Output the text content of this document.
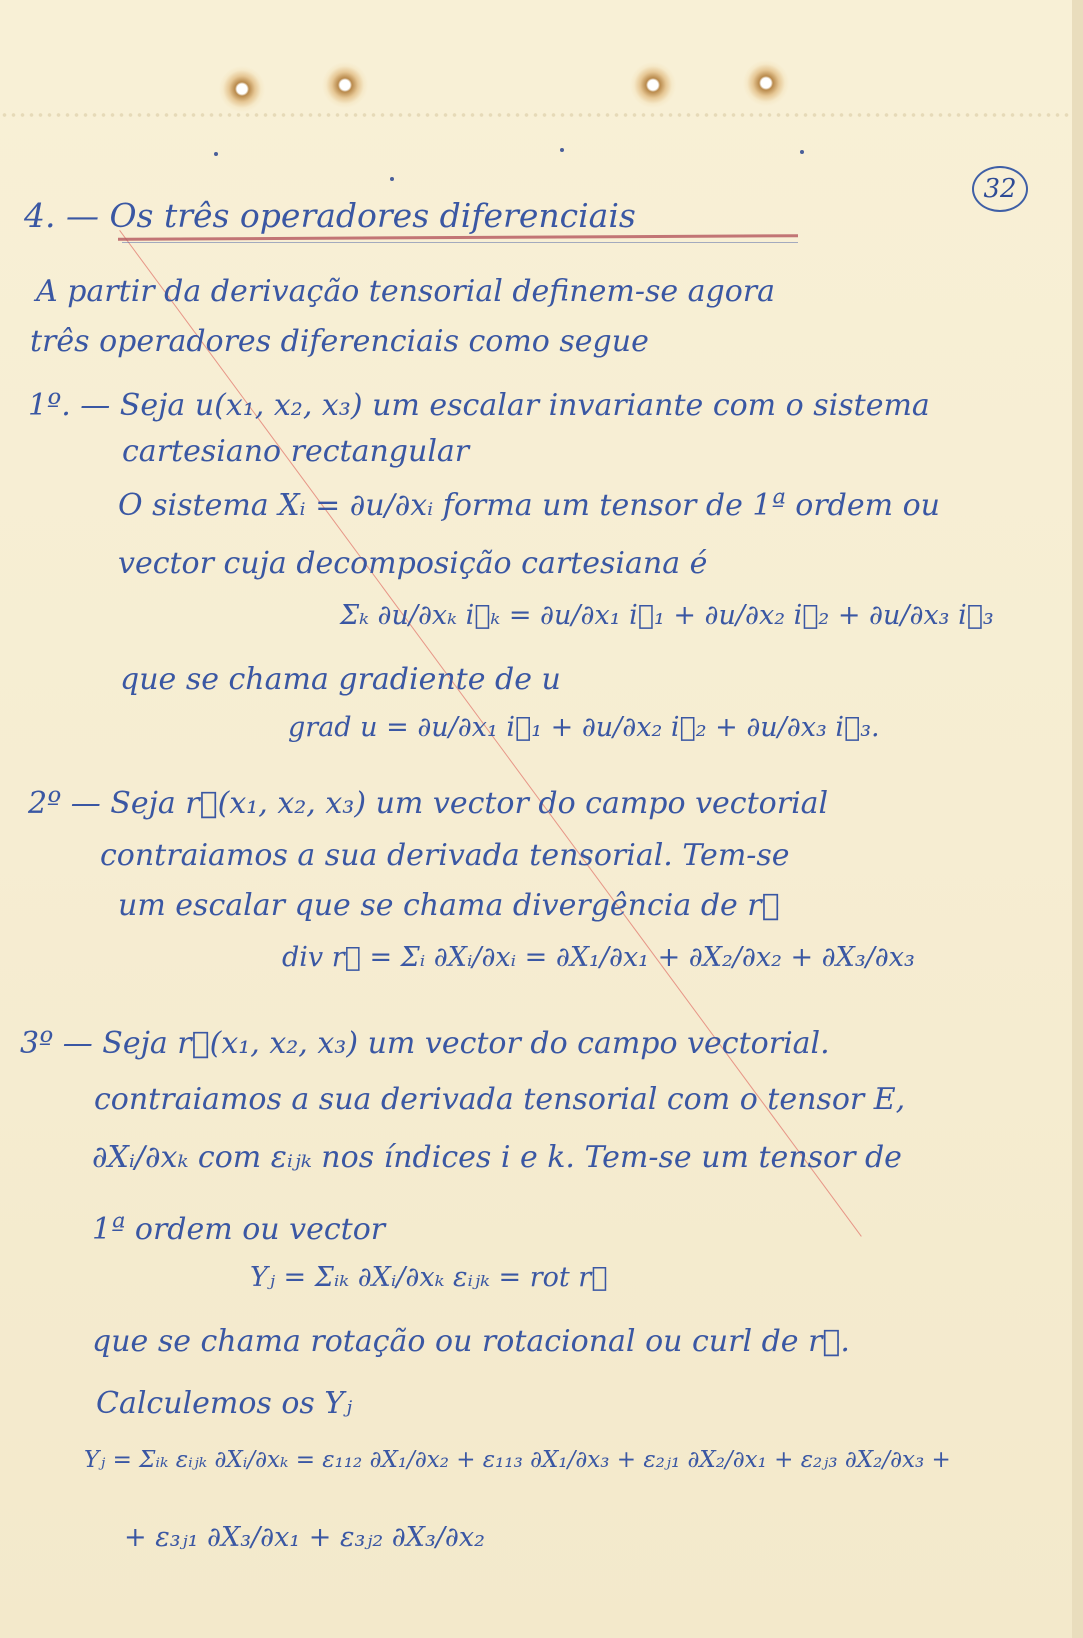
32
4. — Os três operadores diferenciais
A partir da derivação tensorial definem-se agora
três operadores diferenciais como segue
1º. — Seja u(x₁, x₂, x₃) um escalar invariante com o sistema
cartesiano rectangular
O sistema Xᵢ = ∂u/∂xᵢ forma um tensor de 1ª ordem ou
vector cuja decomposição cartesiana é
Σₖ ∂u/∂xₖ i⃗ₖ = ∂u/∂x₁ i⃗₁ + ∂u/∂x₂ i⃗₂ + ∂u/∂x₃ i⃗₃
que se chama gradiente de u
grad u = ∂u/∂x₁ i⃗₁ + ∂u/∂x₂ i⃗₂ + ∂u/∂x₃ i⃗₃.
2º — Seja r⃗(x₁, x₂, x₃) um vector do campo vectorial
contraiamos a sua derivada tensorial. Tem-se
um escalar que se chama divergência de r⃗
div r⃗ = Σᵢ ∂Xᵢ/∂xᵢ = ∂X₁/∂x₁ + ∂X₂/∂x₂ + ∂X₃/∂x₃
3º — Seja r⃗(x₁, x₂, x₃) um vector do campo vectorial.
contraiamos a sua derivada tensorial com o tensor E,
∂Xᵢ/∂xₖ com εᵢⱼₖ nos índices i e k. Tem-se um tensor de
1ª ordem ou vector
Yⱼ = Σᵢₖ ∂Xᵢ/∂xₖ εᵢⱼₖ = rot r⃗
que se chama rotação ou rotacional ou curl de r⃗.
Calculemos os Yⱼ
Yⱼ = Σᵢₖ εᵢⱼₖ ∂Xᵢ/∂xₖ = ε₁₁₂ ∂X₁/∂x₂ + ε₁₁₃ ∂X₁/∂x₃ + ε₂ⱼ₁ ∂X₂/∂x₁ + ε₂ⱼ₃ ∂X₂/∂x₃ +
+ ε₃ⱼ₁ ∂X₃/∂x₁ + ε₃ⱼ₂ ∂X₃/∂x₂
